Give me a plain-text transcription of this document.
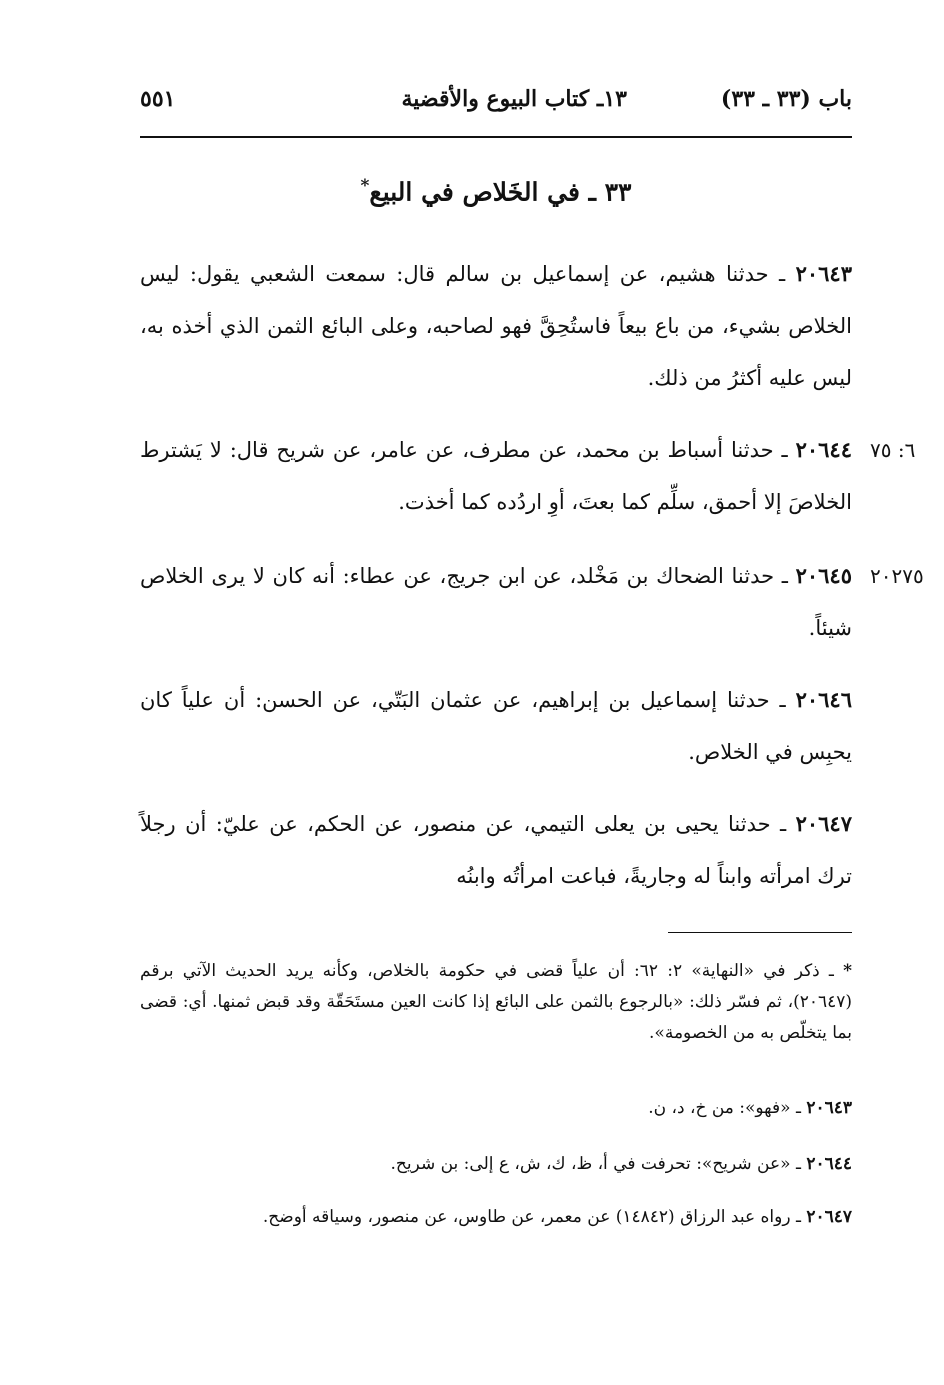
باب (٣٣ ـ ٣٣)
١٣ـ كتاب البيوع والأقضية
٥٥١
٣٣ ـ في الخَلاص في البيع*
٢٠٦٤٣ ـ حدثنا هشيم، عن إسماعيل بن سالم قال: سمعت الشعبي يقول: ليس الخلاص بشيء، من باع بيعاً فاستُحِقَّ فهو لصاحبه، وعلى البائع الثمن الذي أخذه به، ليس عليه أكثرُ من ذلك.
٢٠٦٤٤ ـ حدثنا أسباط بن محمد، عن مطرف، عن عامر، عن شريح قال: لا يَشترط الخلاصَ إلا أحمق، سلِّم كما بعتَ، أوِ اردُده كما أخذت.
٦: ٧٥
٢٠٦٤٥ ـ حدثنا الضحاك بن مَخْلد، عن ابن جريج، عن عطاء: أنه كان لا يرى الخلاص شيئاً.
٢٠٢٧٥
٢٠٦٤٦ ـ حدثنا إسماعيل بن إبراهيم، عن عثمان البَتّي، عن الحسن: أن علياً كان يحبِس في الخلاص.
٢٠٦٤٧ ـ حدثنا يحيى بن يعلى التيمي، عن منصور، عن الحكم، عن عليّ: أن رجلاً ترك امرأته وابناً له وجاريةً، فباعت امرأتُه وابنُه
* ـ ذكر في «النهاية» ٢: ٦٢: أن علياً قضى في حكومة بالخلاص، وكأنه يريد الحديث الآتي برقم (٢٠٦٤٧)، ثم فسّر ذلك: «بالرجوع بالثمن على البائع إذا كانت العين مستَحَقّة وقد قبض ثمنها. أي: قضى بما يتخلّص به من الخصومة».
٢٠٦٤٣ ـ «فهو»: من خ، د، ن.
٢٠٦٤٤ ـ «عن شريح»: تحرفت في أ، ظ، ك، ش، ع إلى: بن شريح.
٢٠٦٤٧ ـ رواه عبد الرزاق (١٤٨٤٢) عن معمر، عن طاوس، عن منصور، وسياقه أوضح.
